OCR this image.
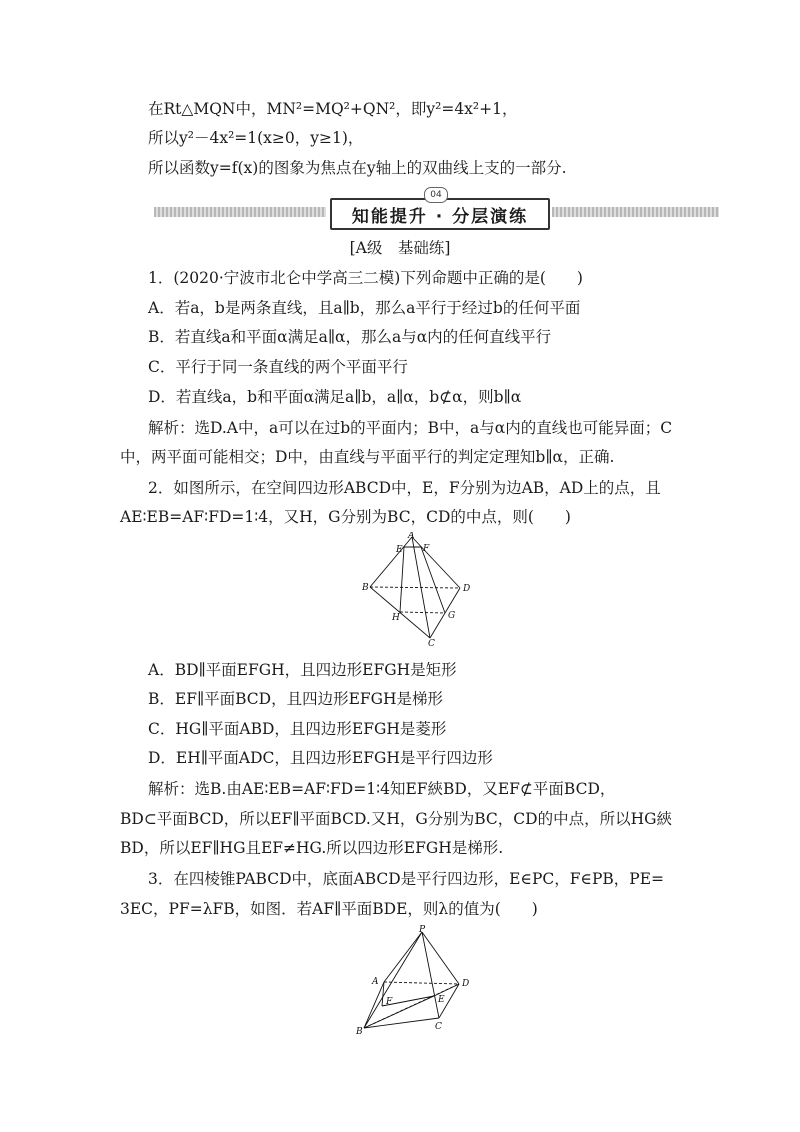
在Rt△MQN中，MN²=MQ²+QN²，即y²=4x²+1，
所以y²－4x²=1(x≥0，y≥1)，
所以函数y=f(x)的图象为焦点在y轴上的双曲线上支的一部分.
知能提升 · 分层演练
04
[A级　基础练]
1．(2020·宁波市北仑中学高三二模)下列命题中正确的是(　　)
A．若a，b是两条直线，且a∥b，那么a平行于经过b的任何平面
B．若直线a和平面α满足a∥α，那么a与α内的任何直线平行
C．平行于同一条直线的两个平面平行
D．若直线a，b和平面α满足a∥b，a∥α，b⊄α，则b∥α
解析：选D.A中，a可以在过b的平面内；B中，a与α内的直线也可能异面；C
中，两平面可能相交；D中，由直线与平面平行的判定定理知b∥α，正确.
2．如图所示，在空间四边形ABCD中，E，F分别为边AB，AD上的点，且
AE∶EB=AF∶FD=1∶4，又H，G分别为BC，CD的中点，则(　　)
A
B
C
D
E F
G
H
A．BD∥平面EFGH，且四边形EFGH是矩形
B．EF∥平面BCD，且四边形EFGH是梯形
C．HG∥平面ABD，且四边形EFGH是菱形
D．EH∥平面ADC，且四边形EFGH是平行四边形
解析：选B.由AE∶EB=AF∶FD=1∶4知EF綊BD，又EF⊄平面BCD，
BD⊂平面BCD，所以EF∥平面BCD.又H，G分别为BC，CD的中点，所以HG綊
BD，所以EF∥HG且EF≠HG.所以四边形EFGH是梯形.
3．在四棱锥PABCD中，底面ABCD是平行四边形，E∈PC，F∈PB，PE=
3EC，PF=λFB，如图．若AF∥平面BDE，则λ的值为(　　)
P
A
B	C
D
E
F
